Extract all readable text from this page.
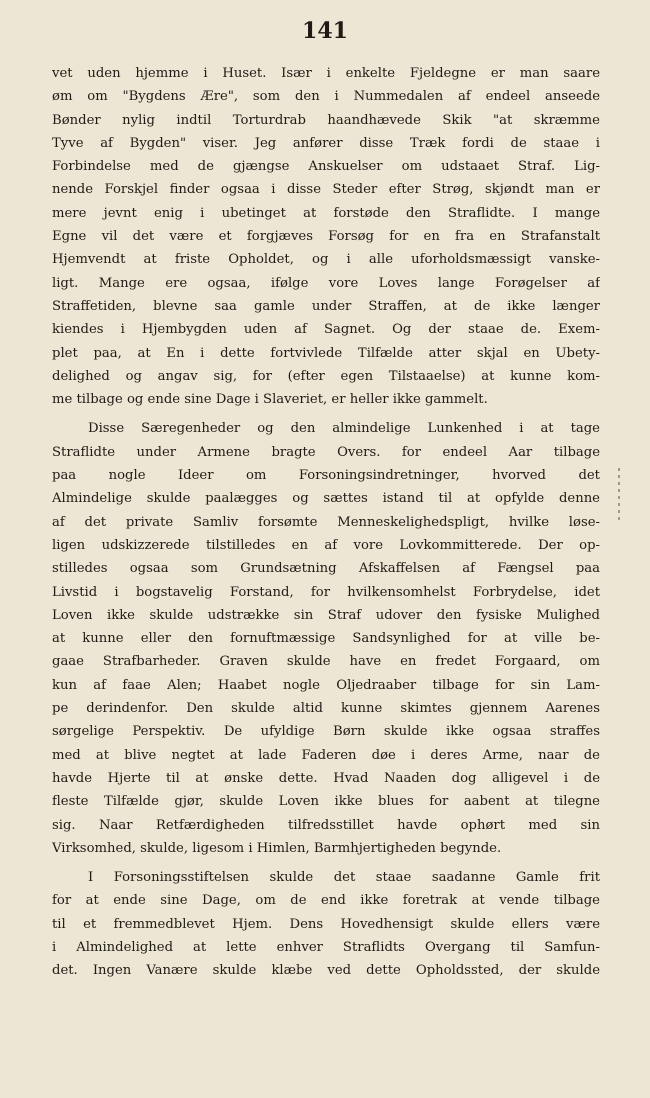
141
vet uden hjemme i Huset. Især i enkelte Fjeldegne er man saare
øm om "Bygdens Ære", som den i Nummedalen af endeel anseede
Bønder nylig indtil Torturdrab haandhævede Skik "at skræmme
Tyve af Bygden" viser. Jeg anfører disse Træk fordi de staae i
Forbindelse med de gjængse Anskuelser om udstaaet Straf. Lig-
nende Forskjel finder ogsaa i disse Steder efter Strøg, skjøndt man er
mere jevnt enig i ubetinget at forstøde den Straflidte. I mange
Egne vil det være et forgjæves Forsøg for en fra en Strafanstalt
Hjemvendt at friste Opholdet, og i alle uforholdsmæssigt vanske-
ligt. Mange ere ogsaa, ifølge vore Loves lange Forøgelser af
Straffetiden, blevne saa gamle under Straffen, at de ikke længer
kiendes i Hjembygden uden af Sagnet. Og der staae de. Exem-
plet paa, at En i dette fortvivlede Tilfælde atter skjal en Ubety-
delighed og angav sig, for (efter egen Tilstaaelse) at kunne kom-
me tilbage og ende sine Dage i Slaveriet, er heller ikke gammelt.
Disse Særegenheder og den almindelige Lunkenhed i at tage
Straflidte under Armene bragte Overs. for endeel Aar tilbage
paa nogle Ideer om Forsoningsindretninger, hvorved det
Almindelige skulde paalægges og sættes istand til at opfylde denne
af det private Samliv forsømte Menneskelighedspligt, hvilke løse-
ligen udskizzerede tilstilledes en af vore Lovkommitterede. Der op-
stilledes ogsaa som Grundsætning Afskaffelsen af Fængsel paa
Livstid i bogstavelig Forstand, for hvilkensomhelst Forbrydelse, idet
Loven ikke skulde udstrække sin Straf udover den fysiske Mulighed
at kunne eller den fornuftmæssige Sandsynlighed for at ville be-
gaae Strafbarheder. Graven skulde have en fredet Forgaard, om
kun af faae Alen; Haabet nogle Oljedraaber tilbage for sin Lam-
pe derindenfor. Den skulde altid kunne skimtes gjennem Aarenes
sørgelige Perspektiv. De ufyldige Børn skulde ikke ogsaa straffes
med at blive negtet at lade Faderen døe i deres Arme, naar de
havde Hjerte til at ønske dette. Hvad Naaden dog alligevel i de
fleste Tilfælde gjør, skulde Loven ikke blues for aabent at tilegne
sig. Naar Retfærdigheden tilfredsstillet havde ophørt med sin
Virksomhed, skulde, ligesom i Himlen, Barmhjertigheden begynde.
I Forsoningsstiftelsen skulde det staae saadanne Gamle frit
for at ende sine Dage, om de end ikke foretrak at vende tilbage
til et fremmedblevet Hjem. Dens Hovedhensigt skulde ellers være
i Almindelighed at lette enhver Straflidts Overgang til Samfun-
det. Ingen Vanære skulde klæbe ved dette Opholdssted, der skulde
